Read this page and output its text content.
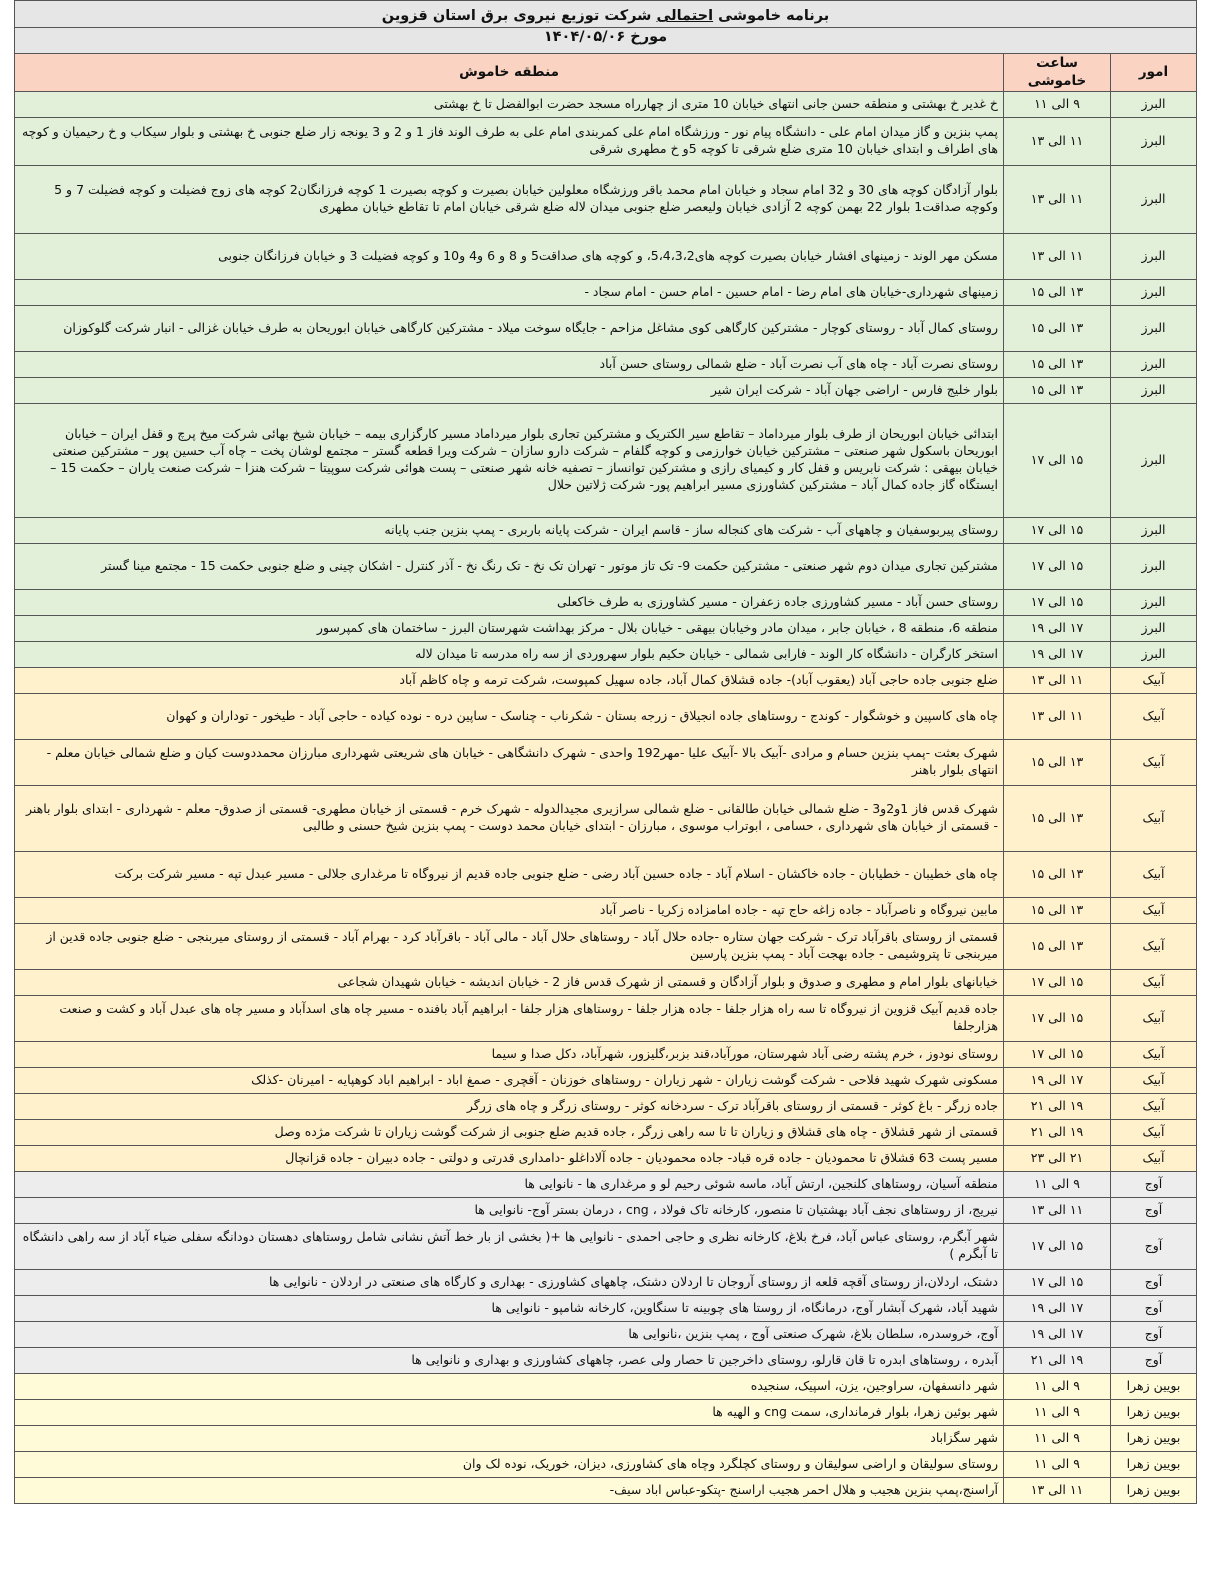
برنامه خاموشی احتمالی شرکت توزیع نیروی برق استان قزوین		
مورخ ۱۴۰۴/۰۵/۰۶		
امور	ساعت خاموشی	منطقه خاموش
البرز	۹ الی ۱۱	خ غدیر خ بهشتی و منطقه حسن جانی انتهای خیابان 10 متری از چهارراه مسجد حضرت ابوالفضل تا خ بهشتی
البرز	۱۱ الی ۱۳	پمپ بنزین و گاز میدان امام علی - دانشگاه پیام نور - ورزشگاه امام علی کمربندی امام علی به طرف الوند فاز 1 و 2 و 3 یونجه زار ضلع جنوبی خ بهشتی و بلوار سیکاب و خ رحیمیان و کوچه های اطراف و ابتدای خیابان 10 متری ضلع شرقی تا کوچه 5و خ مطهری شرقی
البرز	۱۱ الی ۱۳	بلوار آزادگان کوچه های 30 و 32 امام سجاد و خیابان امام محمد باقر ورزشگاه معلولین خیابان بصیرت و کوچه بصیرت 1 کوچه فرزانگان2 کوچه های زوج فضیلت و کوچه فضیلت 7 و 5 وکوچه صداقت1 بلوار 22 بهمن کوچه 2 آزادی خیابان ولیعصر ضلع جنوبی میدان لاله ضلع شرقی خیابان امام تا تقاطع خیابان مطهری
البرز	۱۱ الی ۱۳	مسکن مهر الوند - زمینهای افشار خیابان بصیرت کوچه های5،4،3،2، و کوچه های صداقت5 و 8 و 6 و4 و10 و کوچه فضیلت 3 و خیابان فرزانگان جنوبی
البرز	۱۳ الی ۱۵	زمینهای شهرداری-خیابان های امام رضا - امام حسین - امام حسن - امام سجاد -
البرز	۱۳ الی ۱۵	روستای کمال آباد - روستای کوچار - مشترکین کارگاهی کوی مشاغل مزاحم - جایگاه سوخت میلاد - مشترکین کارگاهی خیابان ابوریحان به طرف خیابان غزالی - انبار شرکت گلوکوزان
البرز	۱۳ الی ۱۵	روستای نصرت آباد - چاه های آب نصرت آباد - ضلع شمالی روستای حسن آباد
البرز	۱۳ الی ۱۵	بلوار خلیج فارس - اراضی جهان آباد - شرکت ایران شیر
البرز	۱۵ الی ۱۷	ابتدائی خیابان ابوریحان از طرف بلوار میرداماد – تقاطع سیر الکتریک و مشترکین تجاری بلوار میرداماد مسیر کارگزاری بیمه – خیابان شیخ بهائی شرکت میخ پرچ و قفل ایران – خیابان ابوریحان باسکول شهر صنعتی – مشترکین خیابان خوارزمی و کوچه گلفام – شرکت دارو سازان – شرکت ویرا قطعه گستر – مجتمع لوشان پخت – چاه آب حسین پور – مشترکین صنعتی خیابان بیهقی : شرکت نابریس و قفل کار و کیمیای رازی و مشترکین توانساز – تصفیه خانه شهر صنعتی – پست هوائی شرکت سوپیتا – شرکت هنزا – شرکت صنعت یاران – حکمت 15 – ایستگاه گاز جاده کمال آباد – مشترکین کشاورزی مسیر ابراهیم پور- شرکت ژلاتین حلال
البرز	۱۵ الی ۱۷	روستای پیربوسفیان و چاههای آب - شرکت های کنجاله ساز - قاسم ایران - شرکت پایانه باربری - پمپ بنزین جنب پایانه
البرز	۱۵ الی ۱۷	مشترکین تجاری میدان دوم شهر صنعتی - مشترکین حکمت 9- تک تاز موتور - تهران تک نخ - تک رنگ نخ - آذر کنترل - اشکان چینی و ضلع جنوبی حکمت 15 - مجتمع مینا گستر
البرز	۱۵ الی ۱۷	روستای حسن آباد - مسیر کشاورزی جاده زعفران - مسیر کشاورزی به طرف خاکعلی
البرز	۱۷ الی ۱۹	منطقه 6، منطقه 8 ، خیابان جابر ، میدان مادر وخیابان بیهقی - خیابان بلال - مرکز بهداشت شهرستان البرز - ساختمان های کمپرسور
البرز	۱۷ الی ۱۹	استخر کارگران - دانشگاه کار الوند - فارابی شمالی - خیابان حکیم بلوار سهروردی از سه راه مدرسه تا میدان لاله
آبیک	۱۱ الی ۱۳	ضلع جنوبی جاده حاجی آباد (یعقوب آباد)- جاده قشلاق کمال آباد، جاده سهیل کمپوست، شرکت ترمه و چاه کاظم آباد
آبیک	۱۱ الی ۱۳	چاه های کاسپین و خوشگوار - کوندج - روستاهای جاده انجیلاق - زرجه بستان - شکرناب - چناسک - ساپین دره - نوده کیاده - حاجی آباد - طیخور - توداران و کهوان
آبیک	۱۳ الی ۱۵	شهرک بعثت -پمپ بنزین حسام و مرادی -آبیک بالا -آبیک علیا -مهر192 واحدی - شهرک دانشگاهی - خیابان های شریعتی شهرداری مبارزان محمددوست کیان و ضلع شمالی خیابان معلم - انتهای بلوار باهنر
آبیک	۱۳ الی ۱۵	شهرک قدس فاز 1و2و3 - ضلع شمالی خیابان طالقانی - ضلع شمالی سرازیری مجیدالدوله - شهرک خرم - قسمتی از خیابان مطهری- قسمتی از صدوق- معلم - شهرداری - ابتدای بلوار باهنر - قسمتی از خیابان های شهرداری ، حسامی ، ابوتراب موسوی ، مبارزان - ابتدای خیابان محمد دوست - پمپ بنزین شیخ حسنی و طالبی
آبیک	۱۳ الی ۱۵	چاه های خطیبان - خطیابان - جاده خاکشان - اسلام آباد - جاده حسین آباد رضی - ضلع جنوبی جاده قدیم از نیروگاه تا مرغداری جلالی - مسیر عبدل تپه - مسیر شرکت برکت
آبیک	۱۳ الی ۱۵	مابین نیروگاه و ناصرآباد - جاده زاغه حاج تپه - جاده امامزاده زکریا - ناصر آباد
آبیک	۱۳ الی ۱۵	قسمتی از روستای باقرآباد ترک - شرکت جهان ستاره -جاده حلال آباد - روستاهای حلال آباد - مالی آباد - باقرآباد کرد - بهرام آباد - قسمتی از روستای میربنجی - ضلع جنوبی جاده قدین از میربنجی تا پتروشیمی - جاده بهجت آباد - پمپ بنزین پارسین
آبیک	۱۵ الی ۱۷	خیابانهای بلوار امام و مطهری و صدوق و بلوار آزادگان و قسمتی از شهرک قدس فاز 2 - خیابان اندیشه - خیابان شهیدان شجاعی
آبیک	۱۵ الی ۱۷	جاده قدیم آبیک قزوین از نیروگاه تا سه راه هزار جلفا - جاده هزار جلفا - روستاهای هزار جلفا - ابراهیم آباد بافنده - مسیر چاه های اسدآباد و مسیر چاه های عبدل آباد و کشت و صنعت هزارجلفا
آبیک	۱۵ الی ۱۷	روستای نودوز ، خرم پشته رضی آباد شهرستان، مورآباد،قند بزبر،گلیزور، شهرآباد، دکل صدا و سیما
آبیک	۱۷ الی ۱۹	مسکونی شهرک شهید فلاحی - شرکت گوشت زیاران - شهر زیاران - روستاهای خوزنان - آقچری - صمغ اباد - ابراهیم اباد کوهپایه - امیرنان -کذلک
آبیک	۱۹ الی ۲۱	جاده زرگر - باغ کوثر - قسمتی از روستای باقرآباد ترک - سردخانه کوثر - روستای زرگر و چاه های زرگر
آبیک	۱۹ الی ۲۱	قسمتی از شهر قشلاق - چاه های قشلاق و زیاران تا تا سه راهی زرگر ، جاده قدیم ضلع جنوبی از شرکت گوشت زیاران تا شرکت مژده وصل
آبیک	۲۱ الی ۲۳	مسیر پست 63 قشلاق تا محمودیان - جاده قره قباد- جاده محمودیان - جاده آلاداغلو -دامداری قدرتی و دولتی - جاده دبیران - جاده قزانچال
آوج	۹ الی ۱۱	منطقه آسیان، روستاهای کلنجین، ارتش آباد، ماسه شوئی رحیم لو و مرغداری ها - نانوایی ها
آوج	۱۱ الی ۱۳	نیریج، از روستاهای نجف آباد بهشتیان تا منصور، کارخانه تاک فولاد ، cng ، درمان بستر آوج- نانوایی ها
آوج	۱۵ الی ۱۷	شهر آبگرم، روستای عباس آباد، فرخ بلاغ، کارخانه نظری و حاجی احمدی - نانوایی ها +( بخشی از بار خط آتش نشانی شامل روستاهای دهستان دودانگه سفلی ضیاء آباد از سه راهی دانشگاه تا آبگرم )
آوج	۱۵ الی ۱۷	دشتک، اردلان،از روستای آقچه قلعه از روستای آروجان تا اردلان دشتک، چاههای کشاورزی - بهداری و کارگاه های صنعتی در اردلان - نانوایی ها
آوج	۱۷ الی ۱۹	شهید آباد، شهرک آبشار آوج، درمانگاه، از روستا های چوبینه تا سنگاوین، کارخانه شامپو - نانوایی ها
آوج	۱۷ الی ۱۹	آوج، خروسدره، سلطان بلاغ، شهرک صنعتی آوج ، پمپ بنزین ،نانوایی ها
آوج	۱۹ الی ۲۱	آبدره ، روستاهای ابدره تا قان قارلو، روستای داخرجین تا حصار ولی عصر، چاههای کشاورزی و بهداری و نانوایی ها
بویین زهرا	۹ الی ۱۱	شهر دانسفهان، سراوجین، یزن، اسپیک، سنجیده
بویین زهرا	۹ الی ۱۱	شهر بوئین زهرا، بلوار فرمانداری، سمت cng و الهیه ها
بویین زهرا	۹ الی ۱۱	شهر سگزاباد
بویین زهرا	۹ الی ۱۱	روستای سولیقان و اراضی سولیقان و روستای کچلگرد وچاه های کشاورزی، دیزان، خوریک، نوده لک وان
بویین زهرا	۱۱ الی ۱۳	آراسنج،پمپ بنزین هجیب و هلال احمر هجیب اراسنج -پتکو-عباس اباد سیف-
